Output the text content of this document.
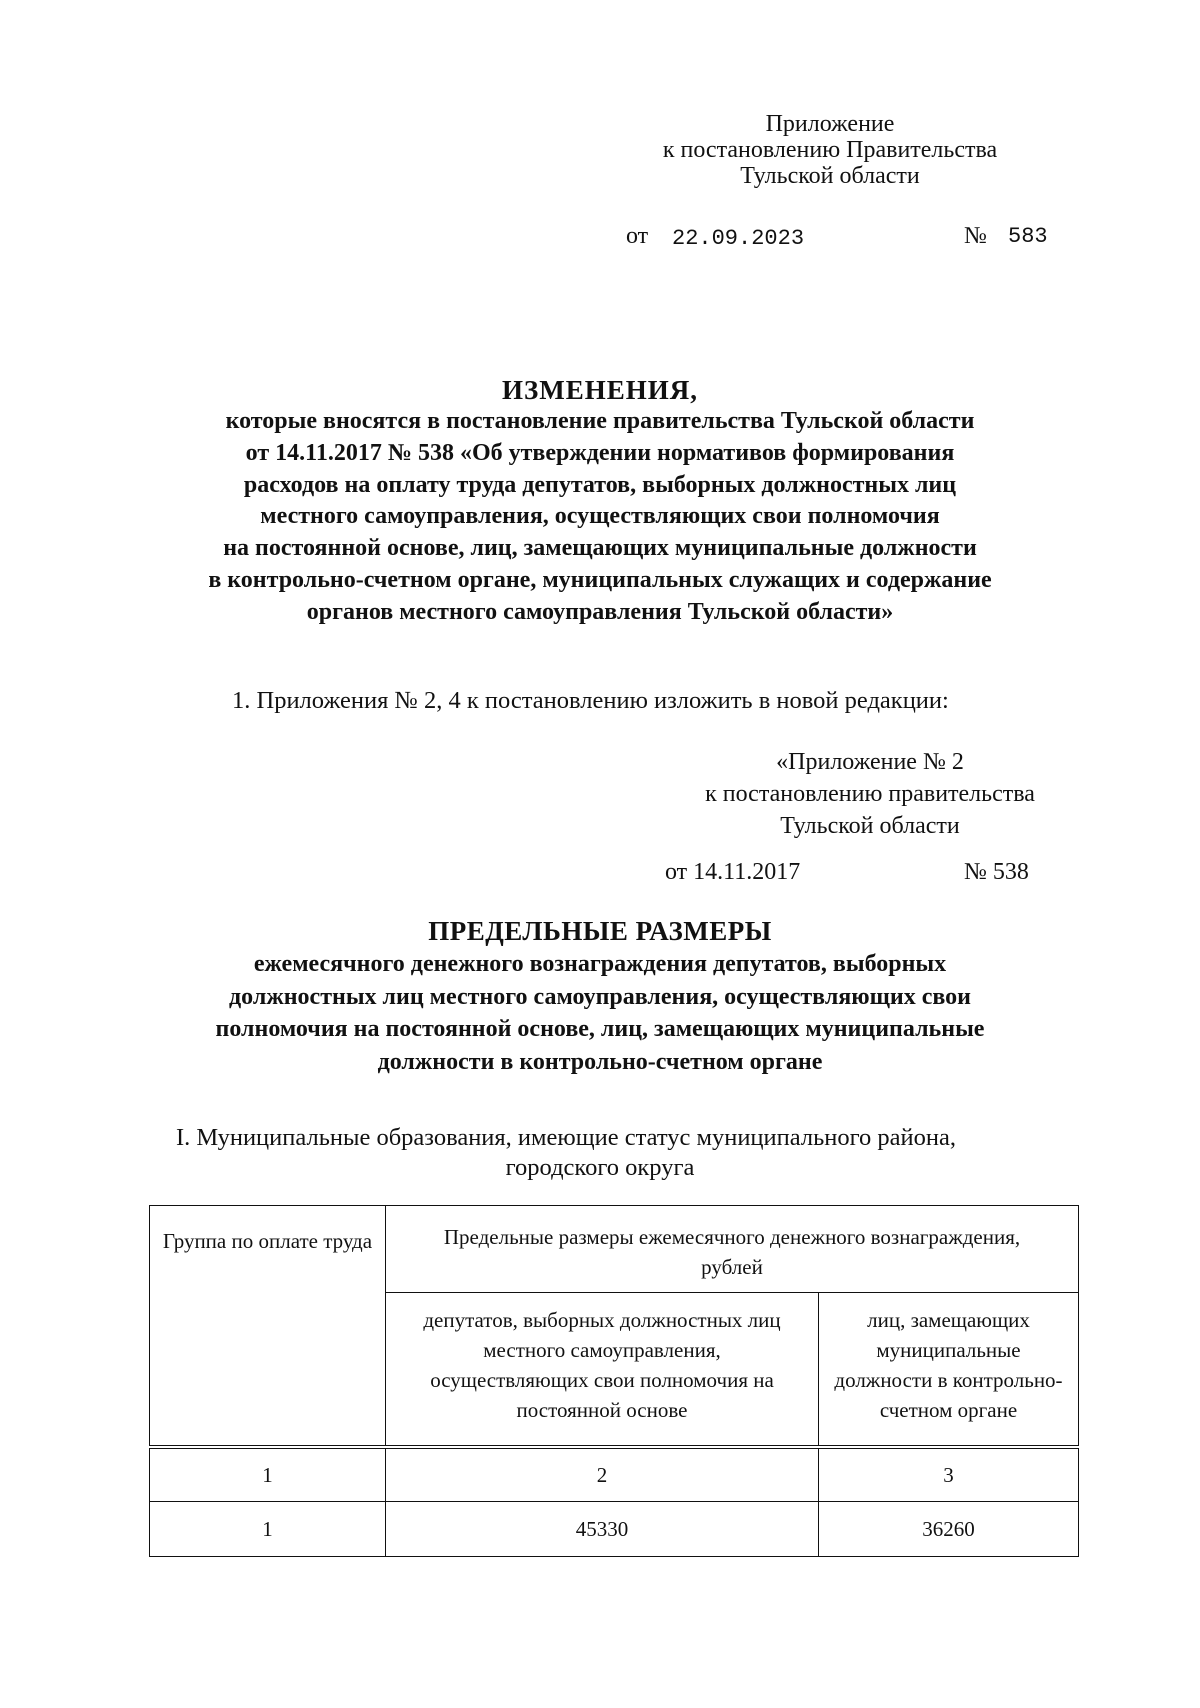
Приложение
к постановлению Правительства
Тульской области
от 22.09.2023	№ 583
ИЗМЕНЕНИЯ,
которые вносятся в постановление правительства Тульской области
от 14.11.2017 № 538 «Об утверждении нормативов формирования
расходов на оплату труда депутатов, выборных должностных лиц
местного самоуправления, осуществляющих свои полномочия
на постоянной основе, лиц, замещающих муниципальные должности
в контрольно-счетном органе, муниципальных служащих и содержание
органов местного самоуправления Тульской области»
1. Приложения № 2, 4 к постановлению изложить в новой редакции:
«Приложение № 2
к постановлению правительства
Тульской области
от 14.11.2017	№ 538
ПРЕДЕЛЬНЫЕ РАЗМЕРЫ
ежемесячного денежного вознаграждения депутатов, выборных
должностных лиц местного самоуправления, осуществляющих свои
полномочия на постоянной основе, лиц, замещающих муниципальные
должности в контрольно-счетном органе
I. Муниципальные образования, имеющие статус муниципального района,
городского округа
Группа по оплате труда	Предельные размеры ежемесячного денежного вознаграждения, рублей	
	депутатов, выборных должностных лиц местного самоуправления, осуществляющих свои полномочия на постоянной основе	лиц, замещающих муниципальные должности в контрольно-счетном органе
1	2	3
1	45330	36260
